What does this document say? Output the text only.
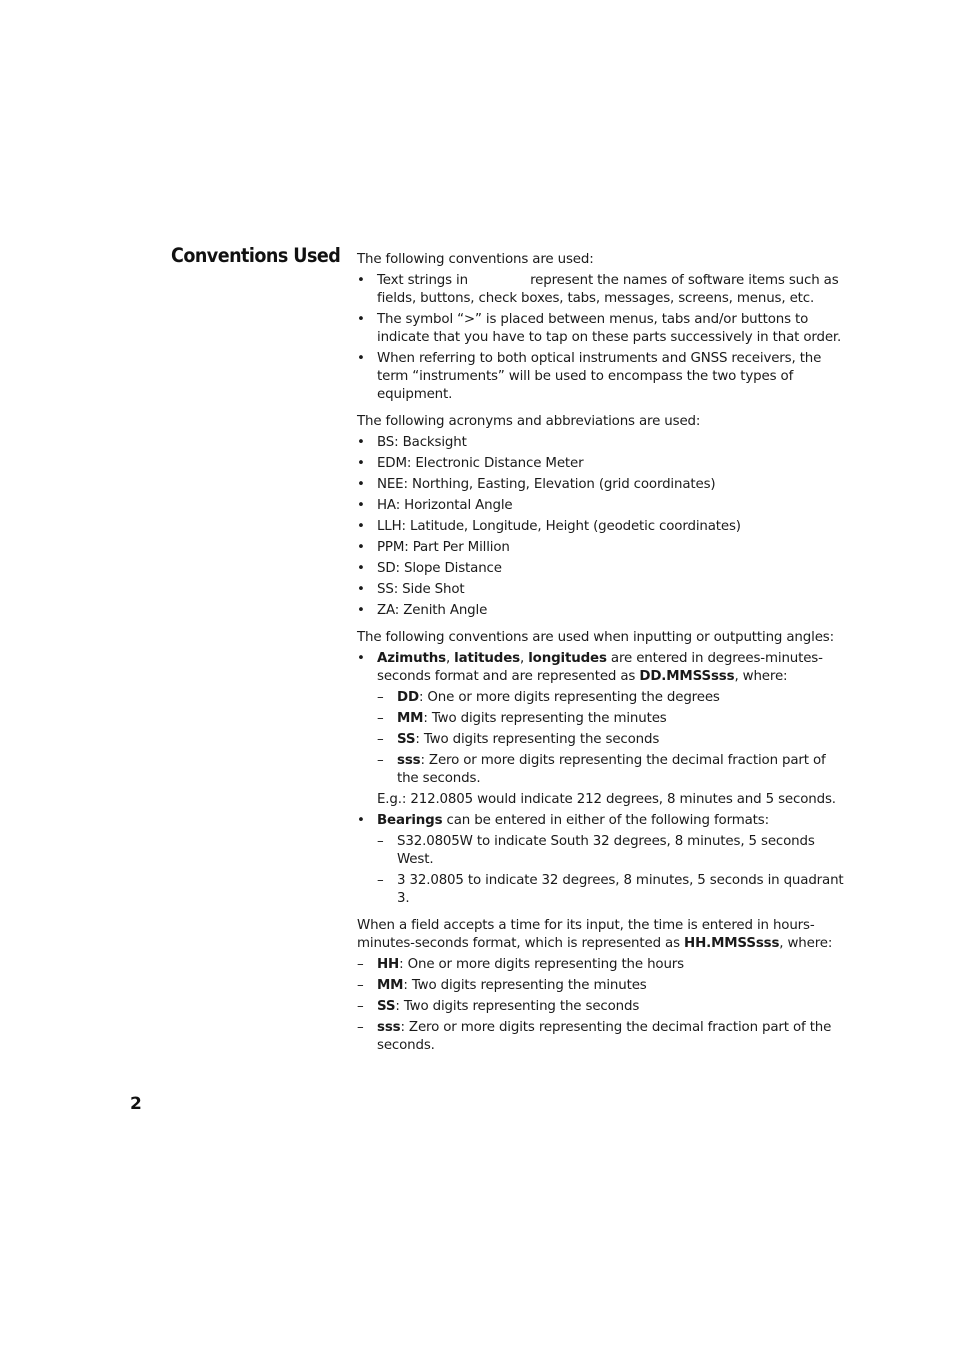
Conventions Used The following conventions are used:

• Text strings in	represent the names of software items such as fields, buttons, check boxes, tabs, messages, screens, menus, etc.
• The symbol “>” is placed between menus, tabs and/or buttons to indicate that you have to tap on these parts successively in that order.
• When referring to both optical instruments and GNSS receivers, the term “instruments” will be used to encompass the two types of equipment.

The following acronyms and abbreviations are used:

• BS: Backsight
• EDM: Electronic Distance Meter
• NEE: Northing, Easting, Elevation (grid coordinates)
• HA: Horizontal Angle
• LLH: Latitude, Longitude, Height (geodetic coordinates)
• PPM: Part Per Million
• SD: Slope Distance
• SS: Side Shot
• ZA: Zenith Angle

The following conventions are used when inputting or outputting angles:

• Azimuths, latitudes, longitudes are entered in degrees-minutes-seconds format and are represented as DD.MMSSsss, where:
– DD: One or more digits representing the degrees
– MM: Two digits representing the minutes
– SS: Two digits representing the seconds
– sss: Zero or more digits representing the decimal fraction part of the seconds.

E.g.: 212.0805 would indicate 212 degrees, 8 minutes and 5 seconds.

• Bearings can be entered in either of the following formats:
– S32.0805W to indicate South 32 degrees, 8 minutes, 5 seconds West.
– 3 32.0805 to indicate 32 degrees, 8 minutes, 5 seconds in quadrant 3.

When a field accepts a time for its input, the time is entered in hours-minutes-seconds format, which is represented as HH.MMSSsss, where:

– HH: One or more digits representing the hours
– MM: Two digits representing the minutes
– SS: Two digits representing the seconds
– sss: Zero or more digits representing the decimal fraction part of the seconds.

2
